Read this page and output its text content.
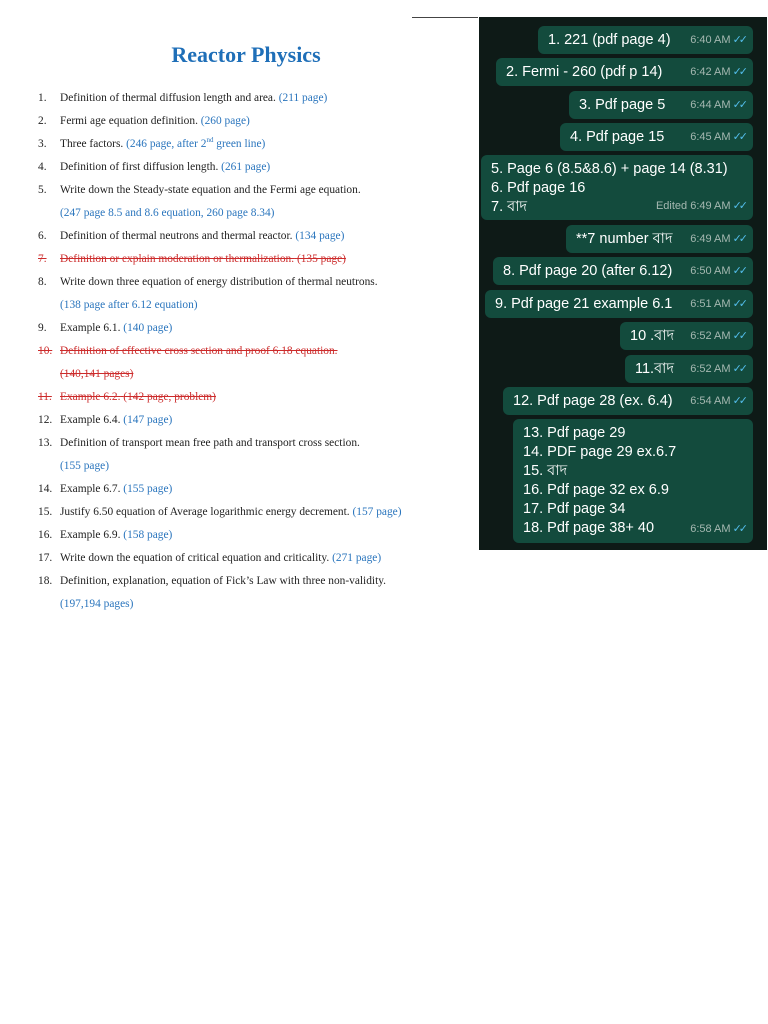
Reactor Physics
1. Definition of thermal diffusion length and area. (211 page)
2. Fermi age equation definition. (260 page)
3. Three factors. (246 page, after 2nd green line)
4. Definition of first diffusion length. (261 page)
5. Write down the Steady-state equation and the Fermi age equation.
(247 page 8.5 and 8.6 equation, 260 page 8.34)
6. Definition of thermal neutrons and thermal reactor. (134 page)
7. Definition or explain moderation or thermalization. (135 page)
8. Write down three equation of energy distribution of thermal neutrons.
(138 page after 6.12 equation)
9. Example 6.1. (140 page)
10. Definition of effective cross section and proof 6.18 equation.
(140,141 pages)
11. Example 6.2. (142 page, problem)
12. Example 6.4. (147 page)
13. Definition of transport mean free path and transport cross section.
(155 page)
14. Example 6.7. (155 page)
15. Justify 6.50 equation of Average logarithmic energy decrement. (157 page)
16. Example 6.9. (158 page)
17. Write down the equation of critical equation and criticality. (271 page)
18. Definition, explanation, equation of Fick’s Law with three non-validity.
(197,194 pages)
1. 221 (pdf page 4) 6:40 AM ✓✓
2. Fermi - 260 (pdf p 14)	6:42 AM ✓✓
3. Pdf page 5 6:44 AM ✓✓
4. Pdf page 15 6:45 AM ✓✓
5. Page 6 (8.5&8.6) + page 14 (8.31)
6. Pdf page 16
7. বাদ	Edited 6:49 AM ✓✓
**7 number বাদ 6:49 AM ✓✓
8. Pdf page 20 (after 6.12) 6:50 AM ✓✓
9. Pdf page 21 example 6.1 6:51 AM ✓✓
10 .বাদ 6:52 AM ✓✓
11.বাদ 6:52 AM ✓✓
12. Pdf page 28 (ex. 6.4) 6:54 AM ✓✓
13. Pdf page 29
14. PDF page 29 ex.6.7
15. বাদ
16. Pdf page 32 ex 6.9
17. Pdf page 34
18. Pdf page 38+ 40	6:58 AM ✓✓
